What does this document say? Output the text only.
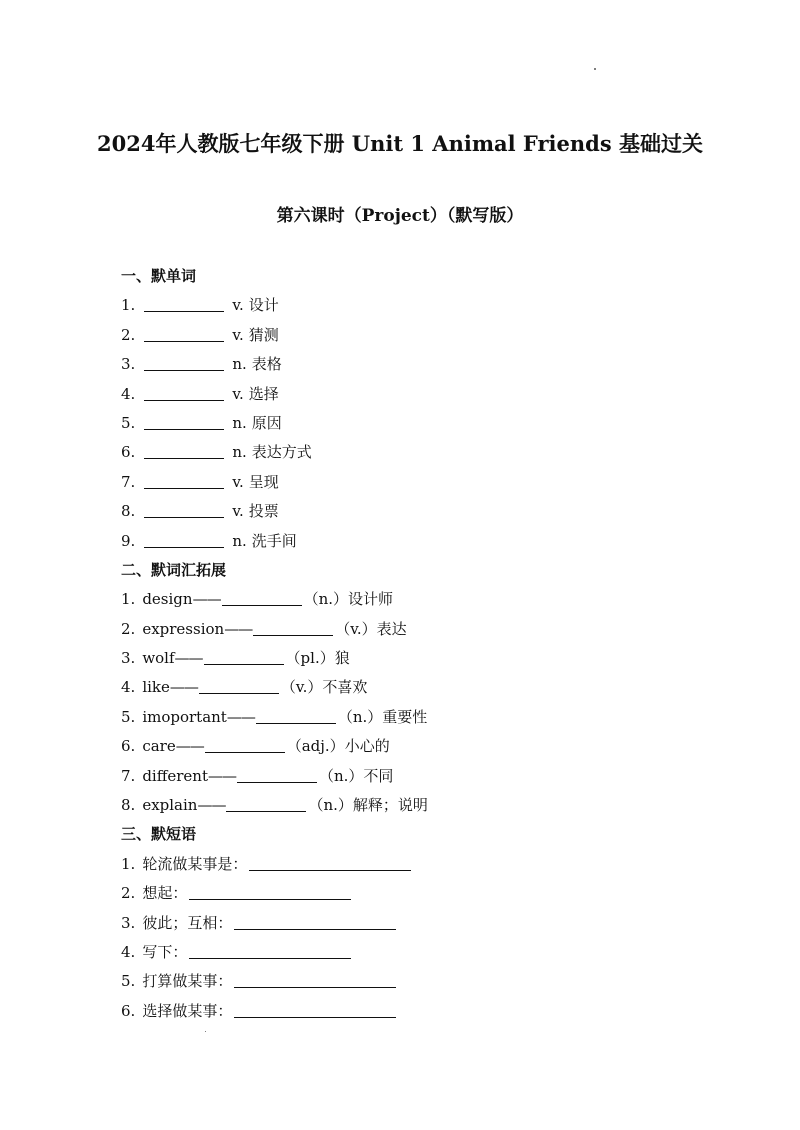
2024年人教版七年级下册 Unit 1 Animal Friends 基础过关
第六课时（Project）（默写版）
一、默单词
1.	v. 设计
2.	v. 猜测
3.	n. 表格
4.	v. 选择
5.	n. 原因
6.	n. 表达方式
7.	v. 呈现
8.	v. 投票
9.	n. 洗手间
二、默词汇拓展
1. design——	（n.）设计师
2. expression——	（v.）表达
3. wolf——	（pl.）狼
4. like——	（v.）不喜欢
5. imoportant——	（n.）重要性
6. care——	（adj.）小心的
7. different——	（n.）不同
8. explain——	（n.）解释；说明
三、默短语
1. 轮流做某事是：
2. 想起：
3. 彼此；互相：
4. 写下：
5. 打算做某事：
6. 选择做某事：
